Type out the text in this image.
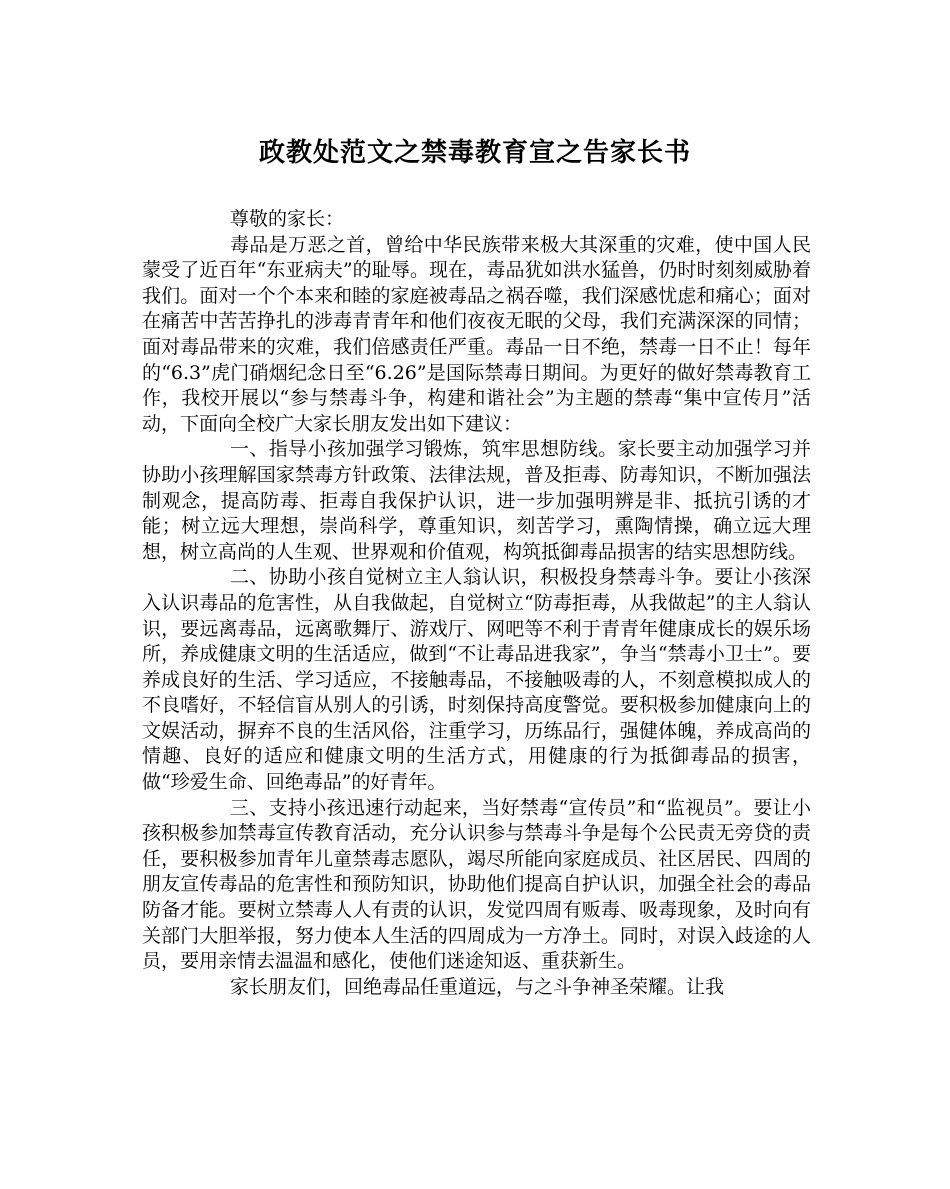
政教处范文之禁毒教育宣之告家长书

尊敬的家长：

毒品是万恶之首，曾给中华民族带来极大其深重的灾难，使中国人民蒙受了近百年“东亚病夫”的耻辱。现在，毒品犹如洪水猛兽，仍时时刻刻威胁着我们。面对一个个本来和睦的家庭被毒品之祸吞噬，我们深感忧虑和痛心；面对在痛苦中苦苦挣扎的涉毒青青年和他们夜夜无眠的父母，我们充满深深的同情；面对毒品带来的灾难，我们倍感责任严重。毒品一日不绝，禁毒一日不止！每年的“6.3”虎门硝烟纪念日至“6.26”是国际禁毒日期间。为更好的做好禁毒教育工作，我校开展以“参与禁毒斗争，构建和谐社会”为主题的禁毒“集中宣传月”活动，下面向全校广大家长朋友发出如下建议：

一、指导小孩加强学习锻炼，筑牢思想防线。家长要主动加强学习并协助小孩理解国家禁毒方针政策、法律法规，普及拒毒、防毒知识，不断加强法制观念，提高防毒、拒毒自我保护认识，进一步加强明辨是非、抵抗引诱的才能；树立远大理想，崇尚科学，尊重知识，刻苦学习，熏陶情操，确立远大理想，树立高尚的人生观、世界观和价值观，构筑抵御毒品损害的结实思想防线。

二、协助小孩自觉树立主人翁认识，积极投身禁毒斗争。要让小孩深入认识毒品的危害性，从自我做起，自觉树立“防毒拒毒，从我做起”的主人翁认识，要远离毒品，远离歌舞厅、游戏厅、网吧等不利于青青年健康成长的娱乐场所，养成健康文明的生活适应，做到“不让毒品进我家”，争当“禁毒小卫士”。要养成良好的生活、学习适应，不接触毒品，不接触吸毒的人，不刻意模拟成人的不良嗜好，不轻信盲从别人的引诱，时刻保持高度警觉。要积极参加健康向上的文娱活动，摒弃不良的生活风俗，注重学习，历练品行，强健体魄，养成高尚的情趣、良好的适应和健康文明的生活方式，用健康的行为抵御毒品的损害，做“珍爱生命、回绝毒品”的好青年。

三、支持小孩迅速行动起来，当好禁毒“宣传员”和“监视员”。要让小孩积极参加禁毒宣传教育活动，充分认识参与禁毒斗争是每个公民责无旁贷的责任，要积极参加青年儿童禁毒志愿队，竭尽所能向家庭成员、社区居民、四周的朋友宣传毒品的危害性和预防知识，协助他们提高自护认识，加强全社会的毒品防备才能。要树立禁毒人人有责的认识，发觉四周有贩毒、吸毒现象，及时向有关部门大胆举报，努力使本人生活的四周成为一方净土。同时，对误入歧途的人员，要用亲情去温温和感化，使他们迷途知返、重获新生。

家长朋友们，回绝毒品任重道远，与之斗争神圣荣耀。让我
